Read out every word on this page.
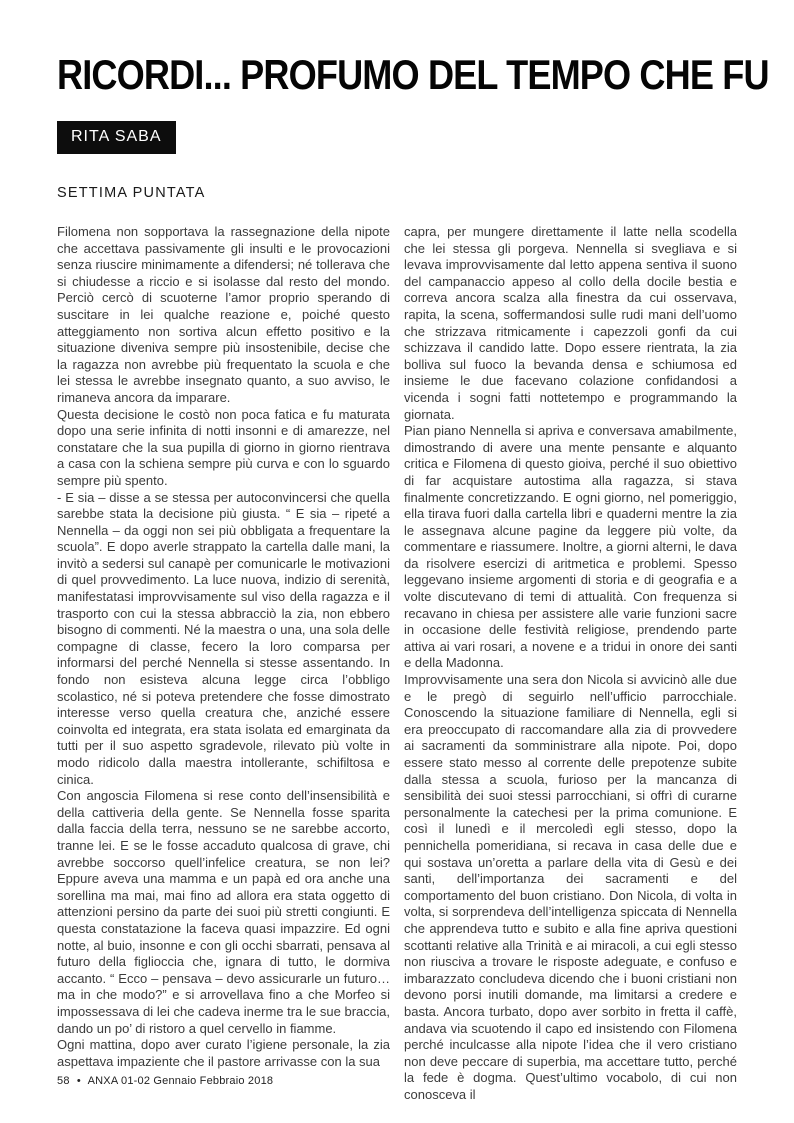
RICORDI... PROFUMO DEL TEMPO CHE FU
RITA SABA
SETTIMA PUNTATA

Filomena non sopportava la rassegnazione della nipote che accettava passivamente gli insulti e le provocazioni senza riuscire minimamente a difendersi; né tollerava che si chiudesse a riccio e si isolasse dal resto del mondo. Perciò cercò di scuoterne l’amor proprio sperando di suscitare in lei qualche reazione e, poiché questo atteggiamento non sortiva alcun effetto positivo e la situazione diveniva sempre più insostenibile, decise che la ragazza non avrebbe più frequentato la scuola e che lei stessa le avrebbe insegnato quanto, a suo avviso, le rimaneva ancora da imparare.

Questa decisione le costò non poca fatica e fu maturata dopo una serie infinita di notti insonni e di amarezze, nel constatare che la sua pupilla di giorno in giorno rientrava a casa con la schiena sempre più curva e con lo sguardo sempre più spento.

- E sia – disse a se stessa per autoconvincersi che quella sarebbe stata la decisione più giusta. “ E sia – ripeté a Nennella – da oggi non sei più obbligata a frequentare la scuola”. E dopo averle strappato la cartella dalle mani, la invitò a sedersi sul canapè per comunicarle le motivazioni di quel provvedimento. La luce nuova, indizio di serenità, manifestatasi improvvisamente sul viso della ragazza e il trasporto con cui la stessa abbracciò la zia, non ebbero bisogno di commenti. Né la maestra o una, una sola delle compagne di classe, fecero la loro comparsa per informarsi del perché Nennella si stesse assentando. In fondo non esisteva alcuna legge circa l’obbligo scolastico, né si poteva pretendere che fosse dimostrato interesse verso quella creatura che, anziché essere coinvolta ed integrata, era stata isolata ed emarginata da tutti per il suo aspetto sgradevole, rilevato più volte in modo ridicolo dalla maestra intollerante, schifiltosa e cinica.

Con angoscia Filomena si rese conto dell’insensibilità e della cattiveria della gente. Se Nennella fosse sparita dalla faccia della terra, nessuno se ne sarebbe accorto, tranne lei. E se le fosse accaduto qualcosa di grave, chi avrebbe soccorso quell’infelice creatura, se non lei? Eppure aveva una mamma e un papà ed ora anche una sorellina ma mai, mai fino ad allora era stata oggetto di attenzioni persino da parte dei suoi più stretti congiunti. E questa constatazione la faceva quasi impazzire. Ed ogni notte, al buio, insonne e con gli occhi sbarrati, pensava al futuro della figlioccia che, ignara di tutto, le dormiva accanto. “ Ecco – pensava – devo assicurarle un futuro…ma in che modo?” e si arrovellava fino a che Morfeo si impossessava di lei che cadeva inerme tra le sue braccia, dando un po’ di ristoro a quel cervello in fiamme.

Ogni mattina, dopo aver curato l’igiene personale, la zia aspettava impaziente che il pastore arrivasse con la sua

capra, per mungere direttamente il latte nella scodella che lei stessa gli porgeva. Nennella si svegliava e si levava improvvisamente dal letto appena sentiva il suono del campanaccio appeso al collo della docile bestia e correva ancora scalza alla finestra da cui osservava, rapita, la scena, soffermandosi sulle rudi mani dell’uomo che strizzava ritmicamente i capezzoli gonfi da cui schizzava il candido latte. Dopo essere rientrata, la zia bolliva sul fuoco la bevanda densa e schiumosa ed insieme le due facevano colazione confidandosi a vicenda i sogni fatti nottetempo e programmando la giornata.

Pian piano Nennella si apriva e conversava amabilmente, dimostrando di avere una mente pensante e alquanto critica e Filomena di questo gioiva, perché il suo obiettivo di far acquistare autostima alla ragazza, si stava finalmente concretizzando. E ogni giorno, nel pomeriggio, ella tirava fuori dalla cartella libri e quaderni mentre la zia le assegnava alcune pagine da leggere più volte, da commentare e riassumere. Inoltre, a giorni alterni, le dava da risolvere esercizi di aritmetica e problemi. Spesso leggevano insieme argomenti di storia e di geografia e a volte discutevano di temi di attualità. Con frequenza si recavano in chiesa per assistere alle varie funzioni sacre in occasione delle festività religiose, prendendo parte attiva ai vari rosari, a novene e a tridui in onore dei santi e della Madonna.

Improvvisamente una sera don Nicola si avvicinò alle due e le pregò di seguirlo nell’ufficio parrocchiale. Conoscendo la situazione familiare di Nennella, egli si era preoccupato di raccomandare alla zia di provvedere ai sacramenti da somministrare alla nipote. Poi, dopo essere stato messo al corrente delle prepotenze subite dalla stessa a scuola, furioso per la mancanza di sensibilità dei suoi stessi parrocchiani, si offrì di curarne personalmente la catechesi per la prima comunione. E così il lunedì e il mercoledì egli stesso, dopo la pennichella pomeridiana, si recava in casa delle due e qui sostava un’oretta a parlare della vita di Gesù e dei santi, dell’importanza dei sacramenti e del comportamento del buon cristiano. Don Nicola, di volta in volta, si sorprendeva dell’intelligenza spiccata di Nennella che apprendeva tutto e subito e alla fine apriva questioni scottanti relative alla Trinità e ai miracoli, a cui egli stesso non riusciva a trovare le risposte adeguate, e confuso e imbarazzato concludeva dicendo che i buoni cristiani non devono porsi inutili domande, ma limitarsi a credere e basta. Ancora turbato, dopo aver sorbito in fretta il caffè, andava via scuotendo il capo ed insistendo con Filomena perché inculcasse alla nipote l’idea che il vero cristiano non deve peccare di superbia, ma accettare tutto, perché la fede è dogma. Quest’ultimo vocabolo, di cui non conosceva il

58 • ANXA 01-02 Gennaio Febbraio 2018
